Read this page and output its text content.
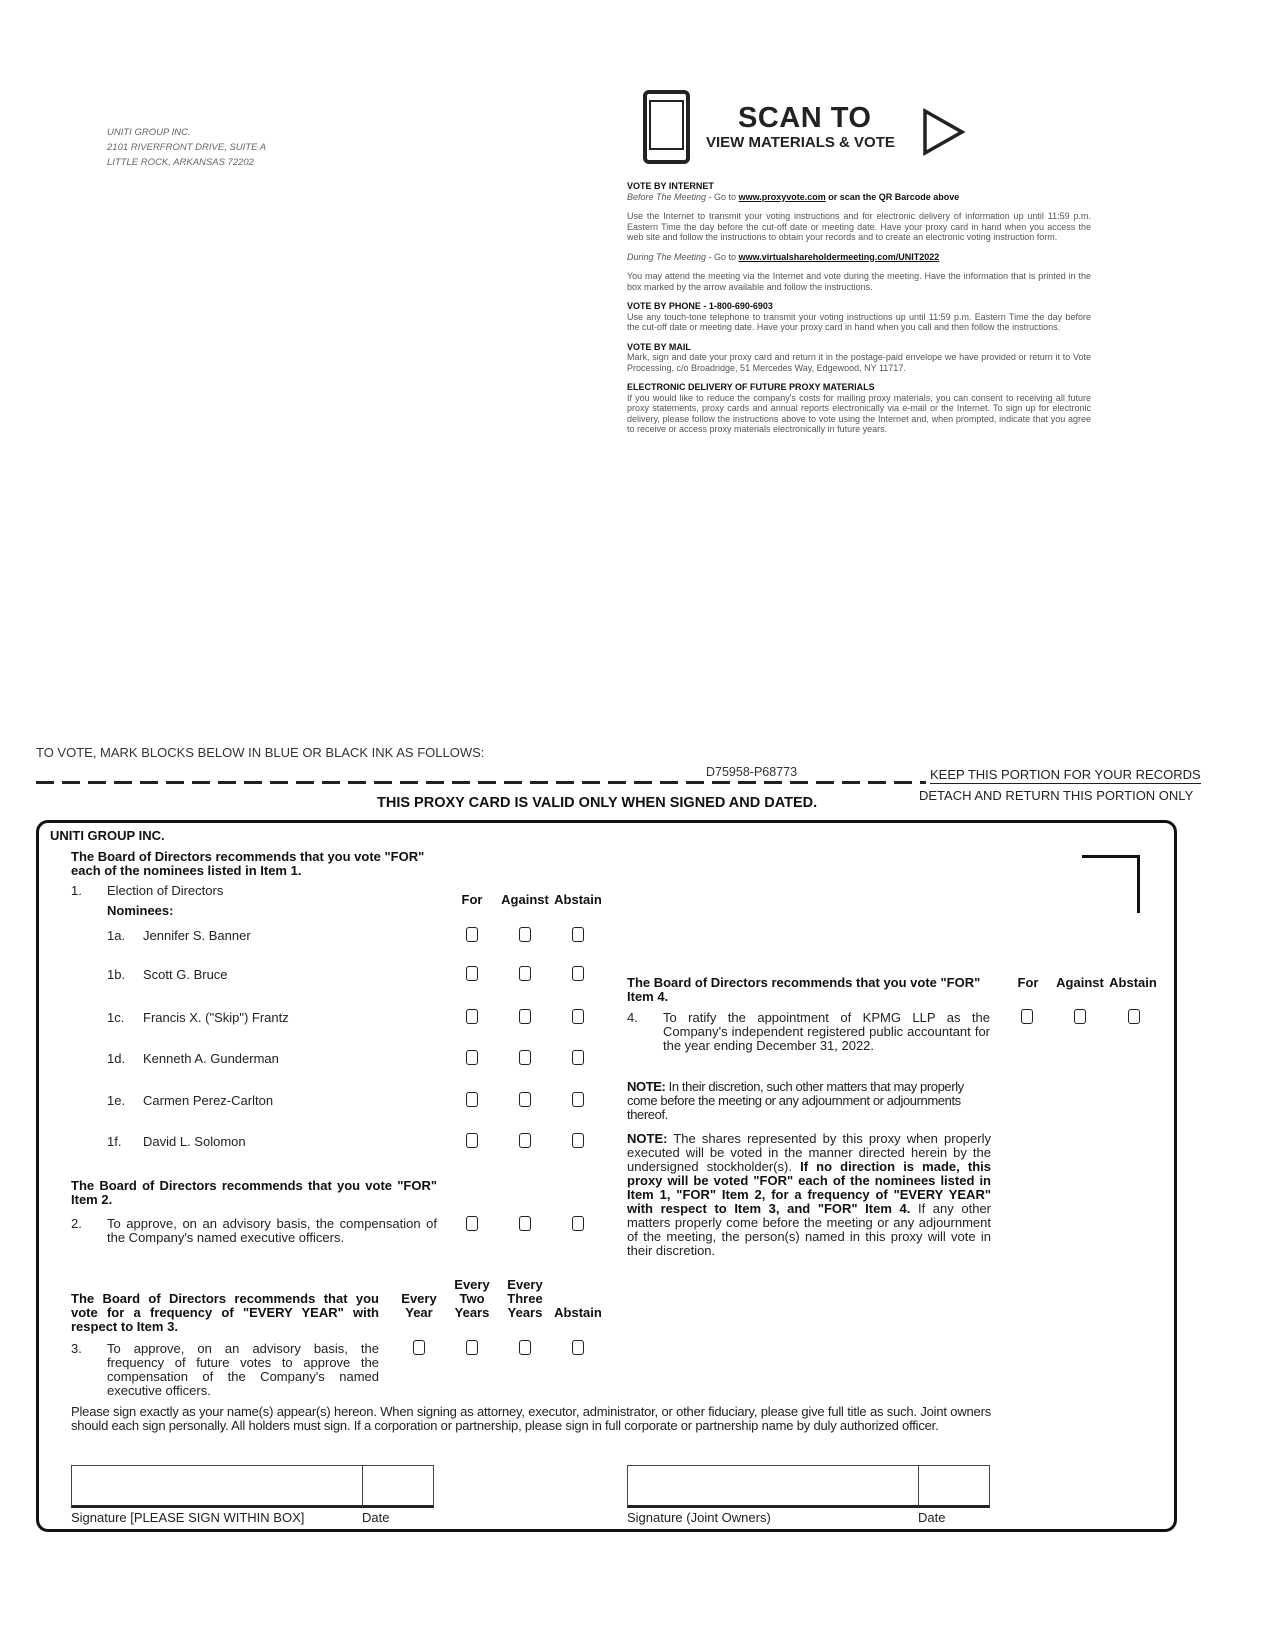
UNITI GROUP INC.
2101 RIVERFRONT DRIVE, SUITE A
LITTLE ROCK, ARKANSAS 72202
SCAN TO
VIEW MATERIALS & VOTE
VOTE BY INTERNET

Before The Meeting - Go to www.proxyvote.com or scan the QR Barcode above

Use the Internet to transmit your voting instructions and for electronic delivery of information up until 11:59 p.m. Eastern Time the day before the cut-off date or meeting date. Have your proxy card in hand when you access the web site and follow the instructions to obtain your records and to create an electronic voting instruction form.

During The Meeting - Go to www.virtualshareholdermeeting.com/UNIT2022

You may attend the meeting via the Internet and vote during the meeting. Have the information that is printed in the box marked by the arrow available and follow the instructions.

VOTE BY PHONE - 1-800-690-6903

Use any touch-tone telephone to transmit your voting instructions up until 11:59 p.m. Eastern Time the day before the cut-off date or meeting date. Have your proxy card in hand when you call and then follow the instructions.

VOTE BY MAIL

Mark, sign and date your proxy card and return it in the postage-paid envelope we have provided or return it to Vote Processing, c/o Broadridge, 51 Mercedes Way, Edgewood, NY 11717.

ELECTRONIC DELIVERY OF FUTURE PROXY MATERIALS

If you would like to reduce the company's costs for mailing proxy materials, you can consent to receiving all future proxy statements, proxy cards and annual reports electronically via e-mail or the Internet. To sign up for electronic delivery, please follow the instructions above to vote using the Internet and, when prompted, indicate that you agree to receive or access proxy materials electronically in future years.

TO VOTE, MARK BLOCKS BELOW IN BLUE OR BLACK INK AS FOLLOWS:
D75958-P68773	KEEP THIS PORTION FOR YOUR RECORDS
DETACH AND RETURN THIS PORTION ONLY
THIS PROXY CARD IS VALID ONLY WHEN SIGNED AND DATED.
UNITI GROUP INC.
The Board of Directors recommends that you vote "FOR" each of the nominees listed in Item 1.
1. Election of Directors
Nominees:
For	Against Abstain
1a. Jennifer S. Banner
1b. Scott G. Bruce
1c. Francis X. ("Skip") Frantz
1d. Kenneth A. Gunderman
1e. Carmen Perez-Carlton
1f. David L. Solomon
The Board of Directors recommends that you vote "FOR" Item 2.
2. To approve, on an advisory basis, the compensation of the Company's named executive officers.
The Board of Directors recommends that you vote for a frequency of "EVERY YEAR" with respect to Item 3.
Every Year
Every Two Years
Every Three Years Abstain
3. To approve, on an advisory basis, the frequency of future votes to approve the compensation of the Company's named executive officers.
The Board of Directors recommends that you vote "FOR" Item 4.
For	Against Abstain
4. To ratify the appointment of KPMG LLP as the Company's independent registered public accountant for the year ending December 31, 2022.
NOTE: In their discretion, such other matters that may properly come before the meeting or any adjournment or adjournments thereof.
NOTE: The shares represented by this proxy when properly executed will be voted in the manner directed herein by the undersigned stockholder(s). If no direction is made, this proxy will be voted "FOR" each of the nominees listed in Item 1, "FOR" Item 2, for a frequency of "EVERY YEAR" with respect to Item 3, and "FOR" Item 4. If any other matters properly come before the meeting or any adjournment of the meeting, the person(s) named in this proxy will vote in their discretion.
Please sign exactly as your name(s) appear(s) hereon. When signing as attorney, executor, administrator, or other fiduciary, please give full title as such. Joint owners should each sign personally. All holders must sign. If a corporation or partnership, please sign in full corporate or partnership name by duly authorized officer.
Signature [PLEASE SIGN WITHIN BOX]	Date	Signature (Joint Owners)	Date
